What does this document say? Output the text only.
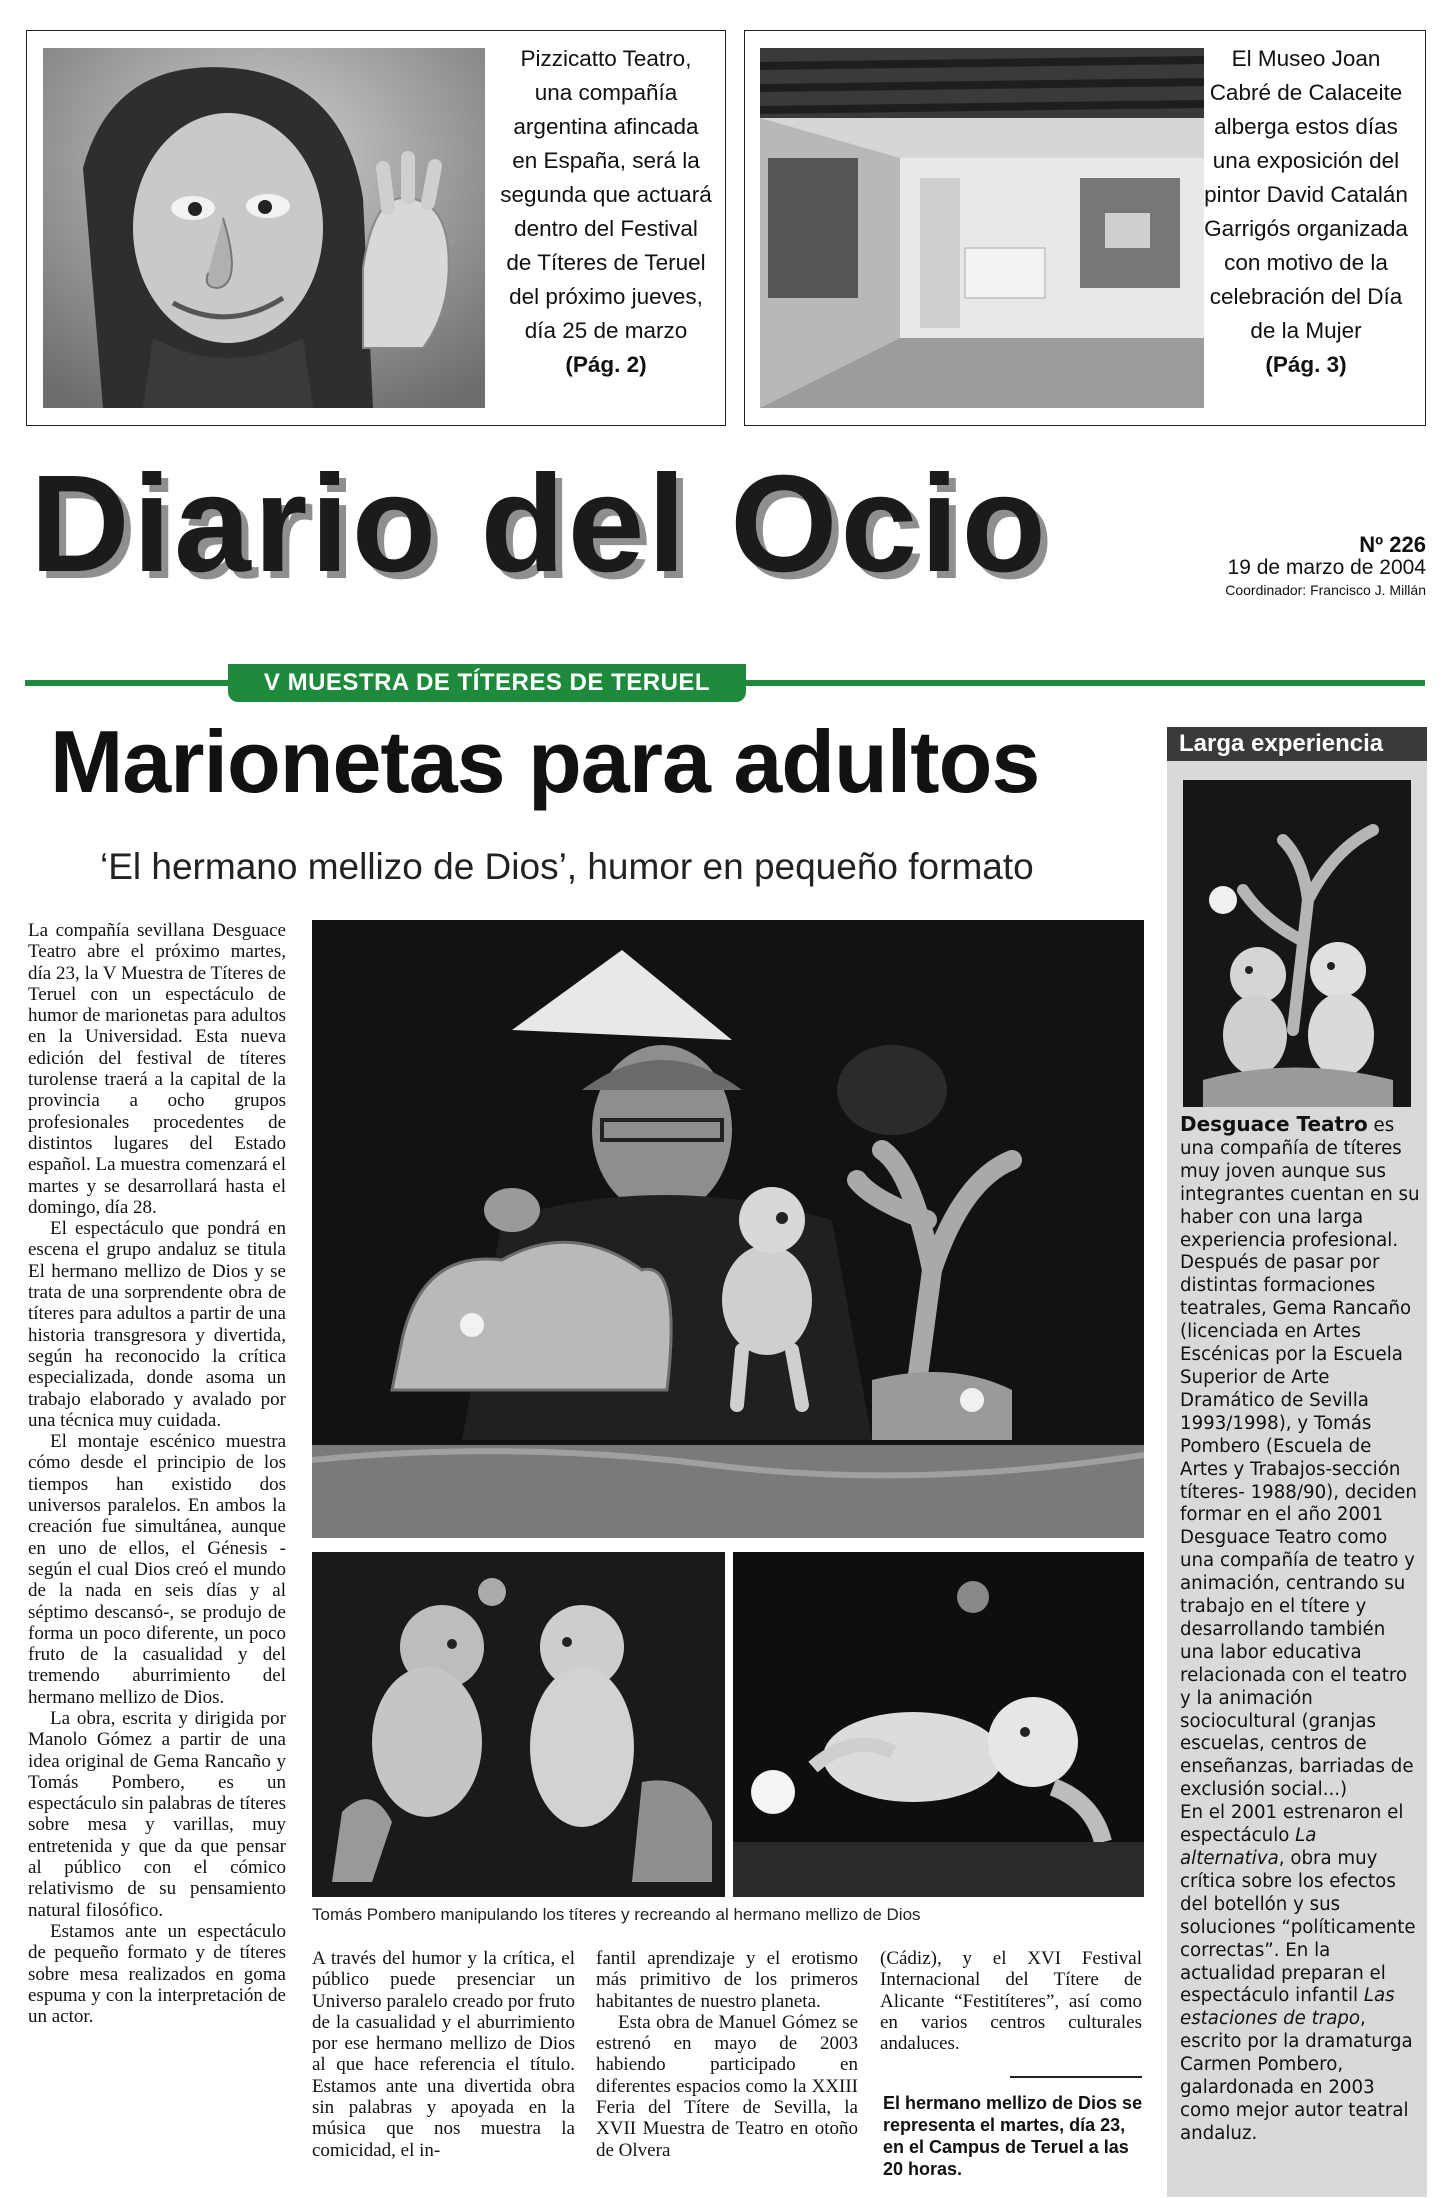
Pizzicatto Teatro, una compañía argentina afincada en España, será la segunda que actuará dentro del Festival de Títeres de Teruel del próximo jueves, día 25 de marzo
(Pág. 2)
El Museo Joan Cabré de Calaceite alberga estos días una exposición del pintor David Catalán Garrigós organizada con motivo de la celebración del Día de la Mujer
(Pág. 3)
Diario del Ocio	Nº 226
19 de marzo de 2004
Coordinador: Francisco J. Millán
V MUESTRA DE TÍTERES DE TERUEL
Marionetas para adultos
‘El hermano mellizo de Dios’, humor en pequeño formato

La compañía sevillana Desguace Teatro abre el próximo martes, día 23, la V Muestra de Títeres de Teruel con un espectáculo de humor de marionetas para adultos en la Universidad. Esta nueva edición del festival de títeres turolense traerá a la capital de la provincia a ocho grupos profesionales procedentes de distintos lugares del Estado español. La muestra comenzará el martes y se desarrollará hasta el domingo, día 28.

El espectáculo que pondrá en escena el grupo andaluz se titula El hermano mellizo de Dios y se trata de una sorprendente obra de títeres para adultos a partir de una historia transgresora y divertida, según ha reconocido la crítica especializada, donde asoma un trabajo elaborado y avalado por una técnica muy cuidada.

El montaje escénico muestra cómo desde el principio de los tiempos han existido dos universos paralelos. En ambos la creación fue simultánea, aunque en uno de ellos, el Génesis -según el cual Dios creó el mundo de la nada en seis días y al séptimo descansó-, se produjo de forma un poco diferente, un poco fruto de la casualidad y del tremendo aburrimiento del hermano mellizo de Dios.

La obra, escrita y dirigida por Manolo Gómez a partir de una idea original de Gema Rancaño y Tomás Pombero, es un espectáculo sin palabras de títeres sobre mesa y varillas, muy entretenida y que da que pensar al público con el cómico relativismo de su pensamiento natural filosófico.

Estamos ante un espectáculo de pequeño formato y de títeres sobre mesa realizados en goma espuma y con la interpretación de un actor.

Tomás Pombero manipulando los títeres y recreando al hermano mellizo de Dios

A través del humor y la crítica, el público puede presenciar un Universo paralelo creado por fruto de la casualidad y el aburrimiento por ese hermano mellizo de Dios al que hace referencia el título. Estamos ante una divertida obra sin palabras y apoyada en la música que nos muestra la comicidad, el in-

fantil aprendizaje y el erotismo más primitivo de los primeros habitantes de nuestro planeta.

Esta obra de Manuel Gómez se estrenó en mayo de 2003 habiendo participado en diferentes espacios como la XXIII Feria del Títere de Sevilla, la XVII Muestra de Teatro en otoño de Olvera

(Cádiz), y el XVI Festival Internacional del Títere de Alicante “Festitíteres”, así como en varios centros culturales andaluces.

El hermano mellizo de Dios se representa el martes, día 23, en el Campus de Teruel a las 20 horas.
Larga experiencia
Desguace Teatro es una compañía de títeres muy joven aunque sus integrantes cuentan en su haber con una larga experiencia profesional. Después de pasar por distintas formaciones teatrales, Gema Rancaño (licenciada en Artes Escénicas por la Escuela Superior de Arte Dramático de Sevilla 1993/1998), y Tomás Pombero (Escuela de Artes y Trabajos-sección títeres- 1988/90), deciden formar en el año 2001 Desguace Teatro como una compañía de teatro y animación, centrando su trabajo en el títere y desarrollando también una labor educativa relacionada con el teatro y la animación sociocultural (granjas escuelas, centros de enseñanzas, barriadas de exclusión social...)
En el 2001 estrenaron el espectáculo La alternativa, obra muy crítica sobre los efectos del botellón y sus soluciones “políticamente correctas”. En la actualidad preparan el espectáculo infantil Las estaciones de trapo, escrito por la dramaturga Carmen Pombero, galardonada en 2003 como mejor autor teatral andaluz.
